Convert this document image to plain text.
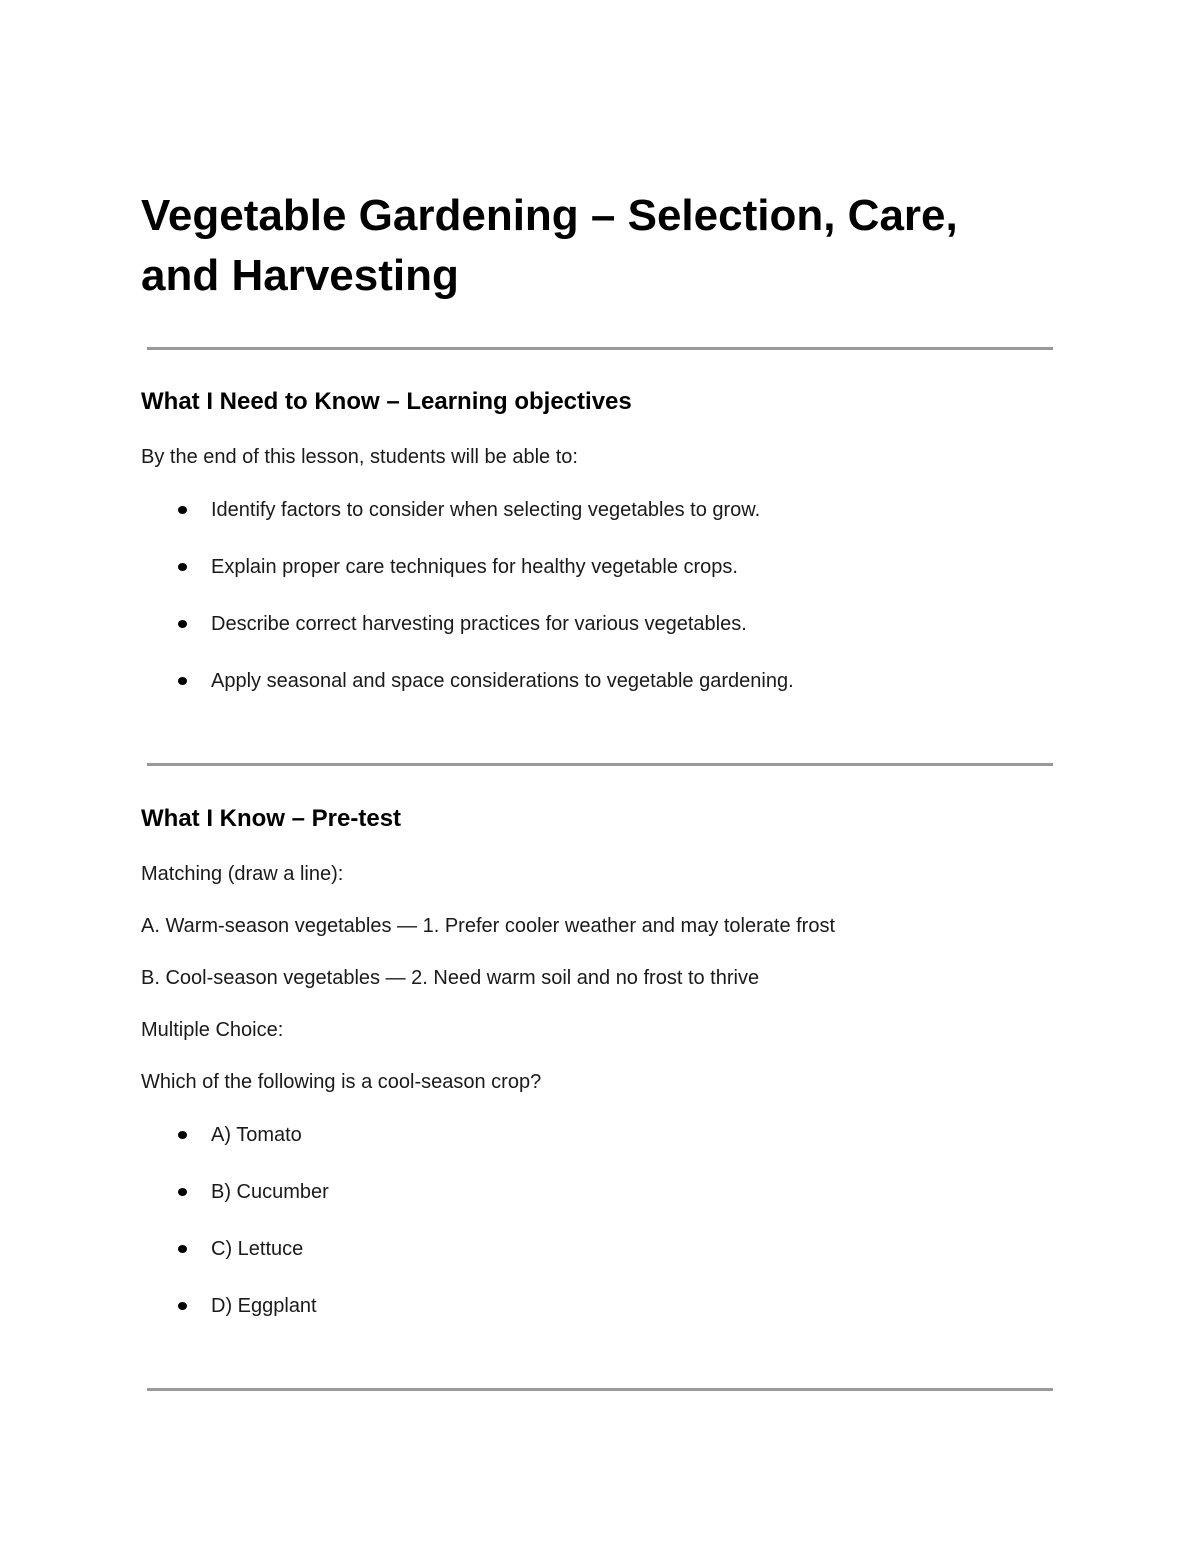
Vegetable Gardening – Selection, Care,
and Harvesting
What I Need to Know – Learning objectives
By the end of this lesson, students will be able to:
Identify factors to consider when selecting vegetables to grow.
Explain proper care techniques for healthy vegetable crops.
Describe correct harvesting practices for various vegetables.
Apply seasonal and space considerations to vegetable gardening.
What I Know – Pre-test
Matching (draw a line):
A. Warm-season vegetables — 1. Prefer cooler weather and may tolerate frost
B. Cool-season vegetables — 2. Need warm soil and no frost to thrive
Multiple Choice:
Which of the following is a cool-season crop?
A) Tomato
B) Cucumber
C) Lettuce
D) Eggplant
